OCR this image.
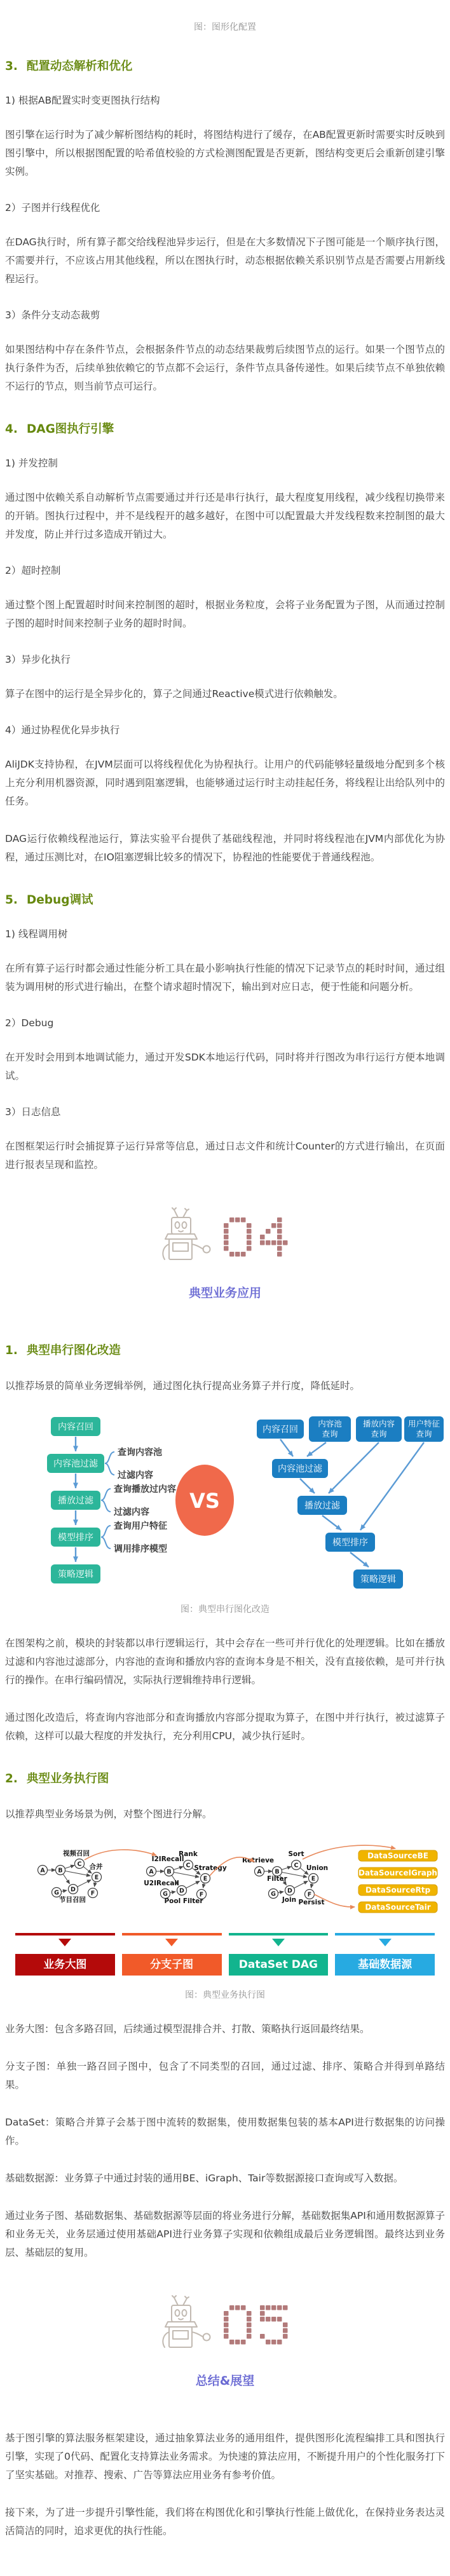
图：图形化配置
3. 配置动态解析和优化
1) 根据AB配置实时变更图执行结构

图引擎在运行时为了减少解析图结构的耗时，将图结构进行了缓存，在AB配置更新时需要实时反映到图引擎中，所以根据图配置的哈希值校验的方式检测图配置是否更新，图结构变更后会重新创建引擎实例。

2）子图并行线程优化

在DAG执行时，所有算子都交给线程池异步运行，但是在大多数情况下子图可能是一个顺序执行图，不需要并行，不应该占用其他线程，所以在图执行时，动态根据依赖关系识别节点是否需要占用新线程运行。

3）条件分支动态裁剪

如果图结构中存在条件节点，会根据条件节点的动态结果裁剪后续图节点的运行。如果一个图节点的执行条件为否，后续单独依赖它的节点都不会运行，条件节点具备传递性。如果后续节点不单独依赖不运行的节点，则当前节点可运行。

4. DAG图执行引擎
1) 并发控制

通过图中依赖关系自动解析节点需要通过并行还是串行执行，最大程度复用线程，减少线程切换带来的开销。图执行过程中，并不是线程开的越多越好，在图中可以配置最大并发线程数来控制图的最大并发度，防止并行过多造成开销过大。

2）超时控制

通过整个图上配置超时时间来控制图的超时，根据业务粒度，会将子业务配置为子图，从而通过控制子图的超时时间来控制子业务的超时时间。

3）异步化执行

算子在图中的运行是全异步化的，算子之间通过Reactive模式进行依赖触发。

4）通过协程优化异步执行

AliJDK支持协程，在JVM层面可以将线程优化为协程执行。让用户的代码能够轻量级地分配到多个核上充分利用机器资源，同时遇到阻塞逻辑，也能够通过运行时主动挂起任务，将线程让出给队列中的任务。

DAG运行依赖线程池运行，算法实验平台提供了基础线程池，并同时将线程池在JVM内部优化为协程，通过压测比对，在IO阻塞逻辑比较多的情况下，协程池的性能要优于普通线程池。

5. Debug调试
1) 线程调用树

在所有算子运行时都会通过性能分析工具在最小影响执行性能的情况下记录节点的耗时时间，通过组装为调用树的形式进行输出，在整个请求超时情况下，输出到对应日志，便于性能和问题分析。

2）Debug

在开发时会用到本地调试能力，通过开发SDK本地运行代码，同时将并行图改为串行运行方便本地调试。

3）日志信息

在图框架运行时会捕捉算子运行异常等信息，通过日志文件和统计Counter的方式进行输出，在页面进行报表呈现和监控。

典型业务应用
1. 典型串行图化改造

以推荐场景的简单业务逻辑举例，通过图化执行提高业务算子并行度，降低延时。

内容召回
内容池过滤
播放过滤
模型排序
策略逻辑
查询内容池
过滤内容
查询播放过内容
过滤内容
查询用户特征
调用排序模型
VS
内容召回
内容池
查询
播放内容
查询
用户特征
查询
内容池过滤
播放过滤
模型排序
策略逻辑
图：典型串行图化改造

在图架构之前，模块的封装都以串行逻辑运行，其中会存在一些可并行优化的处理逻辑。比如在播放过滤和内容池过滤部分，内容池的查询和播放内容的查询本身是不相关，没有直接依赖，是可并行执行的操作。在串行编码情况，实际执行逻辑维持串行逻辑。

通过图化改造后，将查询内容池部分和查询播放内容部分提取为算子，在图中并行执行，被过滤算子依赖，这样可以最大程度的并发执行，充分利用CPU，减少执行延时。

2. 典型业务执行图

以推荐典型业务场景为例，对整个图进行分解。

A B
C
D
E
F
G
视频召回
合并
节目召回
A B
C
D
E
F
G
I2IRecall
Rank
Strategy
U2IRecall
Pool Filter
A B
C
D
E
F
G
Retrieve
Sort
Union
Filter
Join Persist
DataSourceBE
DataSourceIGraph
DataSourceRtp
DataSourceTair
业务大图	分支子图	DataSet DAG	基础数据源
图：典型业务执行图

业务大图：包含多路召回，后续通过模型混排合并、打散、策略执行返回最终结果。

分支子图：单独一路召回子图中，包含了不同类型的召回，通过过滤、排序、策略合并得到单路结果。

DataSet：策略合并算子会基于图中流转的数据集，使用数据集包装的基本API进行数据集的访问操作。

基础数据源：业务算子中通过封装的通用BE、iGraph、Tair等数据源接口查询或写入数据。

通过业务子图、基础数据集、基础数据源等层面的将业务进行分解，基础数据集API和通用数据源算子和业务无关，业务层通过使用基础API进行业务算子实现和依赖组成最后业务逻辑图。最终达到业务层、基础层的复用。

总结&展望

基于图引擎的算法服务框架建设，通过抽象算法业务的通用组件，提供图形化流程编排工具和图执行引擎，实现了0代码、配置化支持算法业务需求。为快速的算法应用，不断提升用户的个性化服务打下了坚实基础。对推荐、搜索、广告等算法应用业务有参考价值。

接下来，为了进一步提升引擎性能，我们将在构图优化和引擎执行性能上做优化，在保持业务表达灵活简洁的同时，追求更优的执行性能。
